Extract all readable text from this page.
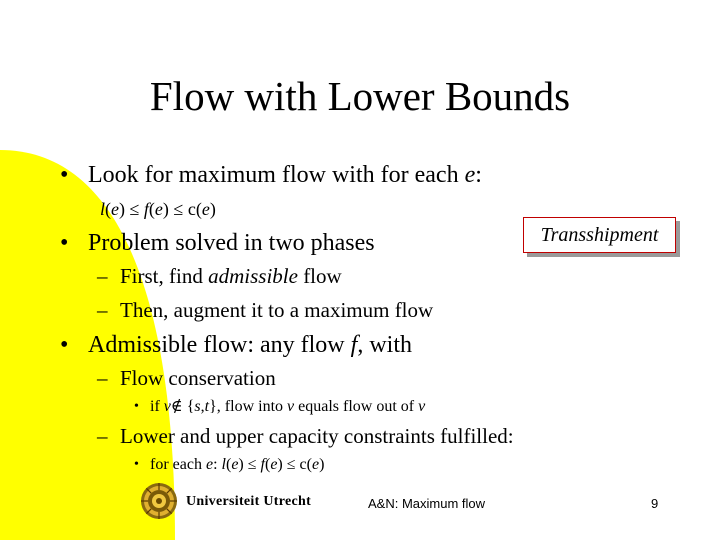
Flow with Lower Bounds
• Look for maximum flow with for each e:
l(e) ≤ f(e) ≤ c(e)
• Problem solved in two phases	Transshipment
– First, find admissible flow
– Then, augment it to a maximum flow
• Admissible flow: any flow f, with
– Flow conservation
• if v∉ {s,t}, flow into v equals flow out of v
– Lower and upper capacity constraints fulfilled:
• for each e: l(e) ≤ f(e) ≤ c(e)
Universiteit Utrecht	A&N: Maximum flow	9
